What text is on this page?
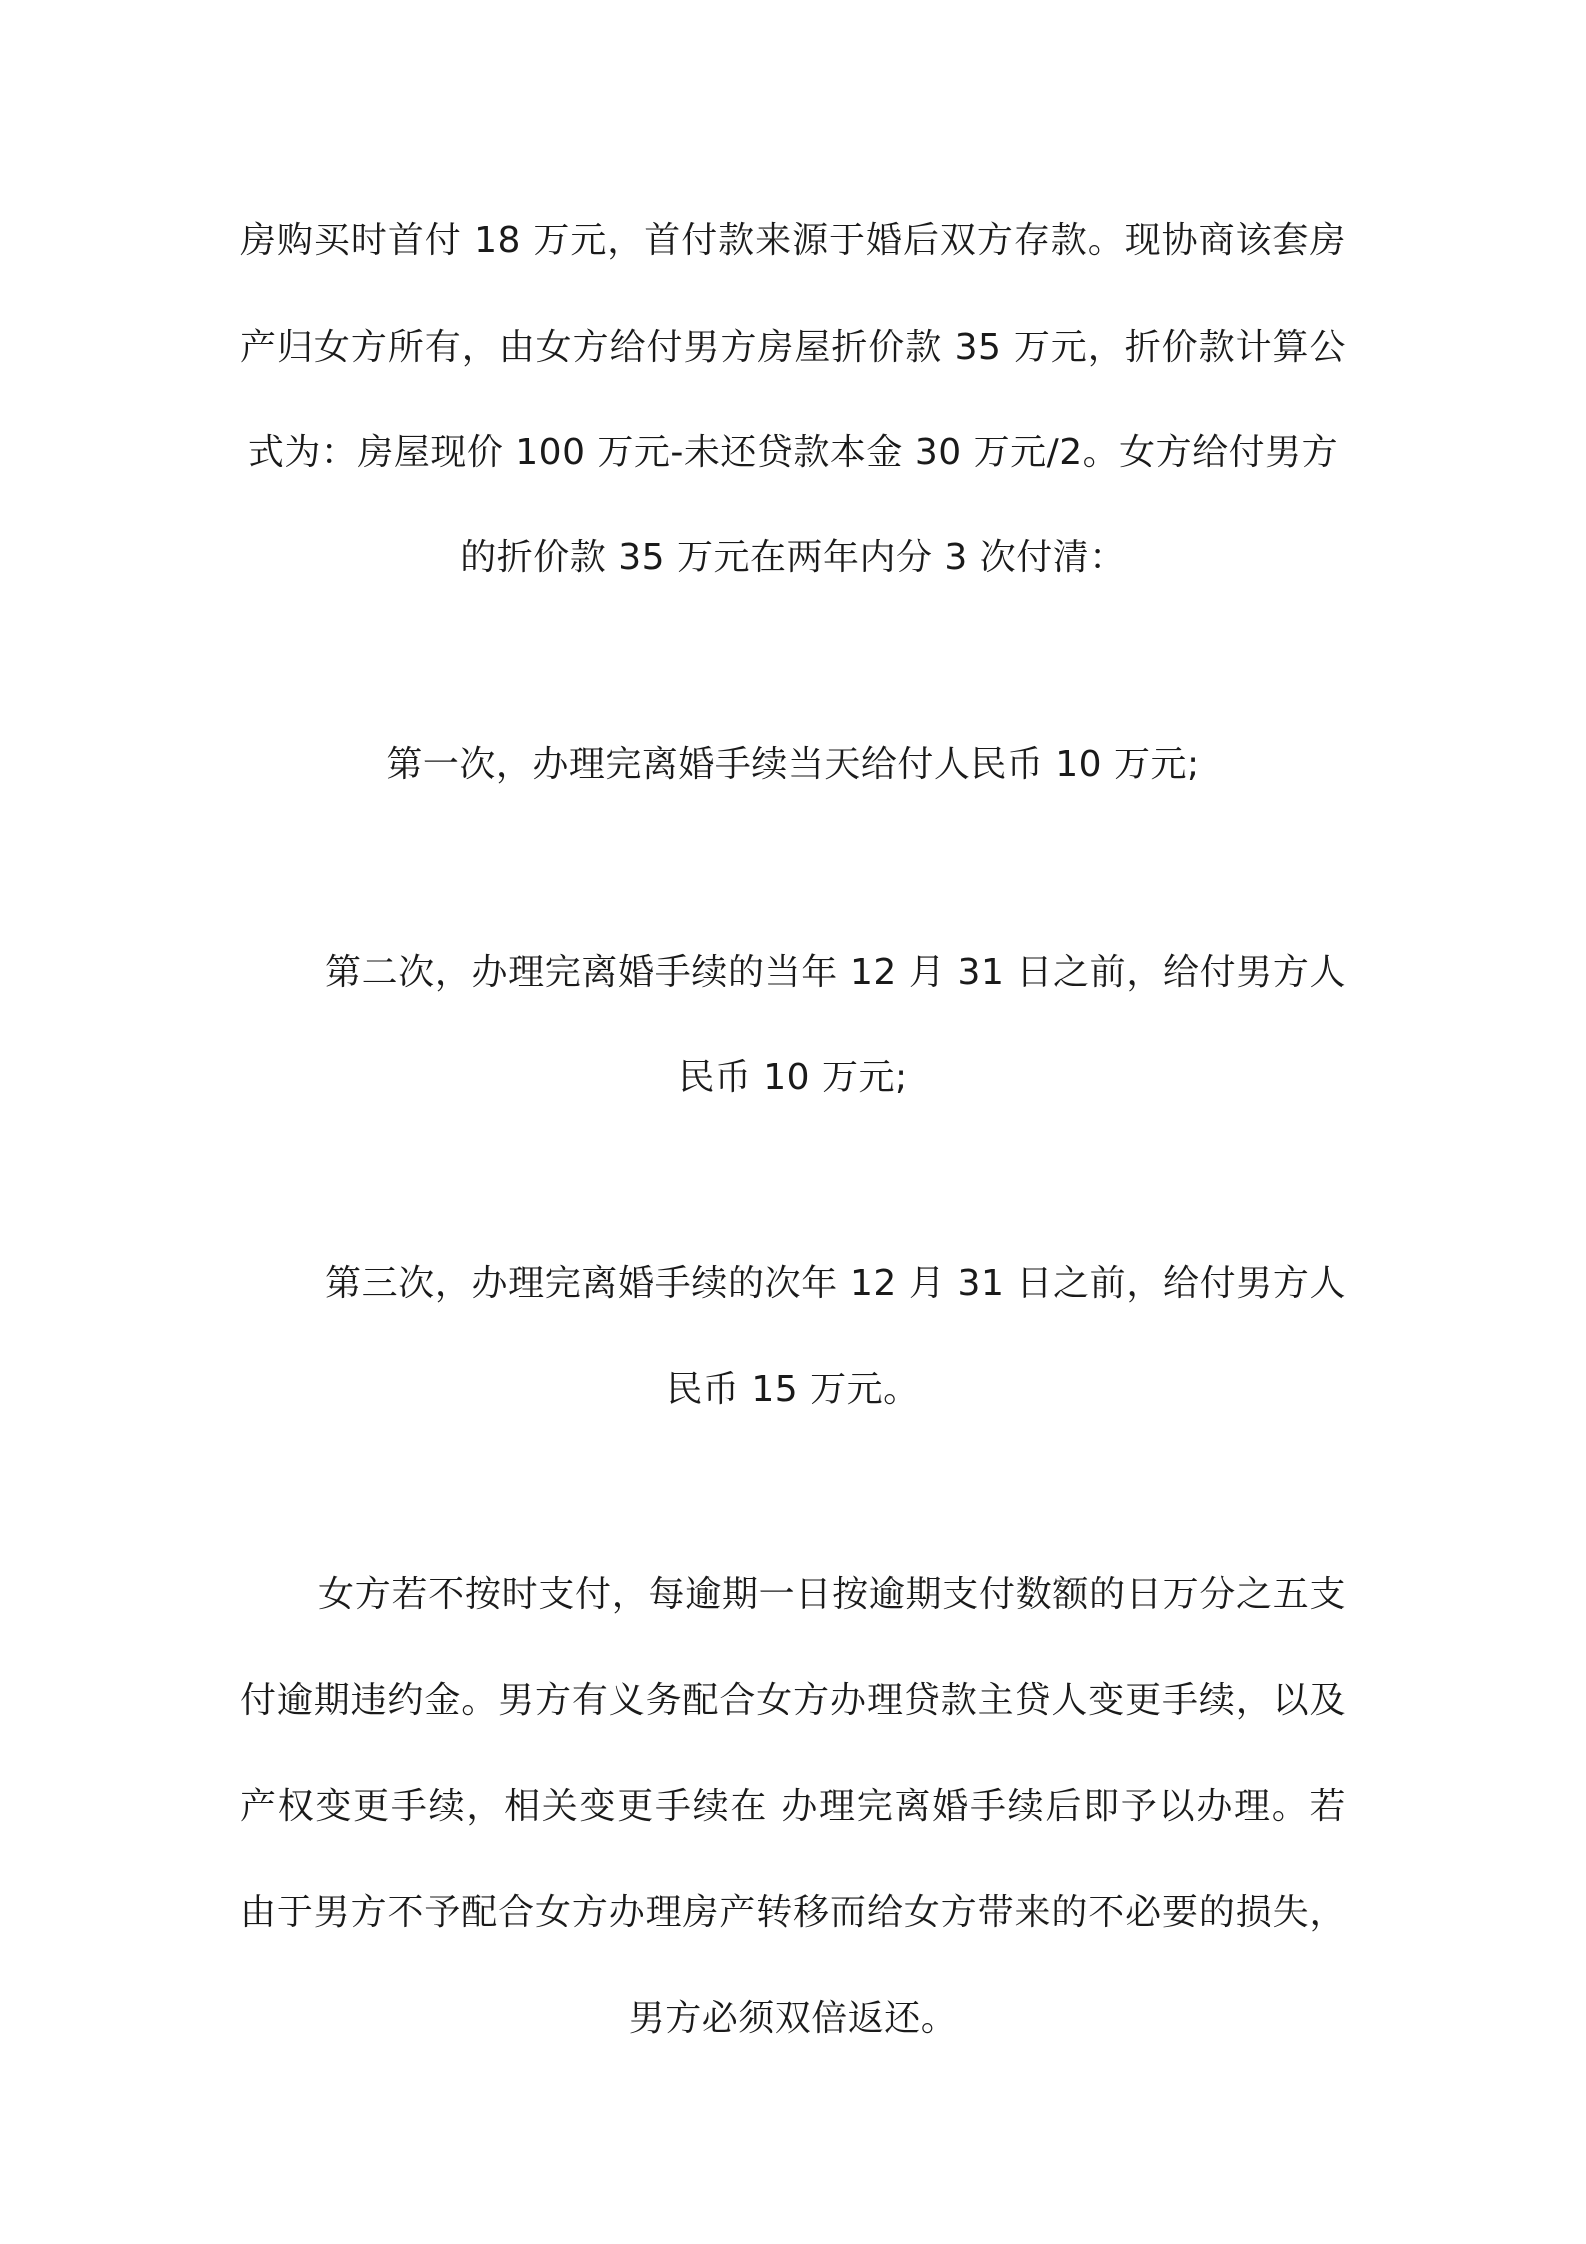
房购买时首付 18 万元，首付款来源于婚后双方存款。现协商该套房
产归女方所有，由女方给付男方房屋折价款 35 万元，折价款计算公
式为：房屋现价 100 万元-未还贷款本金 30 万元/2。女方给付男方
的折价款 35 万元在两年内分 3 次付清：
第一次，办理完离婚手续当天给付人民币 10 万元;
第二次，办理完离婚手续的当年 12 月 31 日之前，给付男方人
民币 10 万元;
第三次，办理完离婚手续的次年 12 月 31 日之前，给付男方人
民币 15 万元。
女方若不按时支付，每逾期一日按逾期支付数额的日万分之五支
付逾期违约金。男方有义务配合女方办理贷款主贷人变更手续，以及
产权变更手续，相关变更手续在 办理完离婚手续后即予以办理。若
由于男方不予配合女方办理房产转移而给女方带来的不必要的损失，
男方必须双倍返还。
